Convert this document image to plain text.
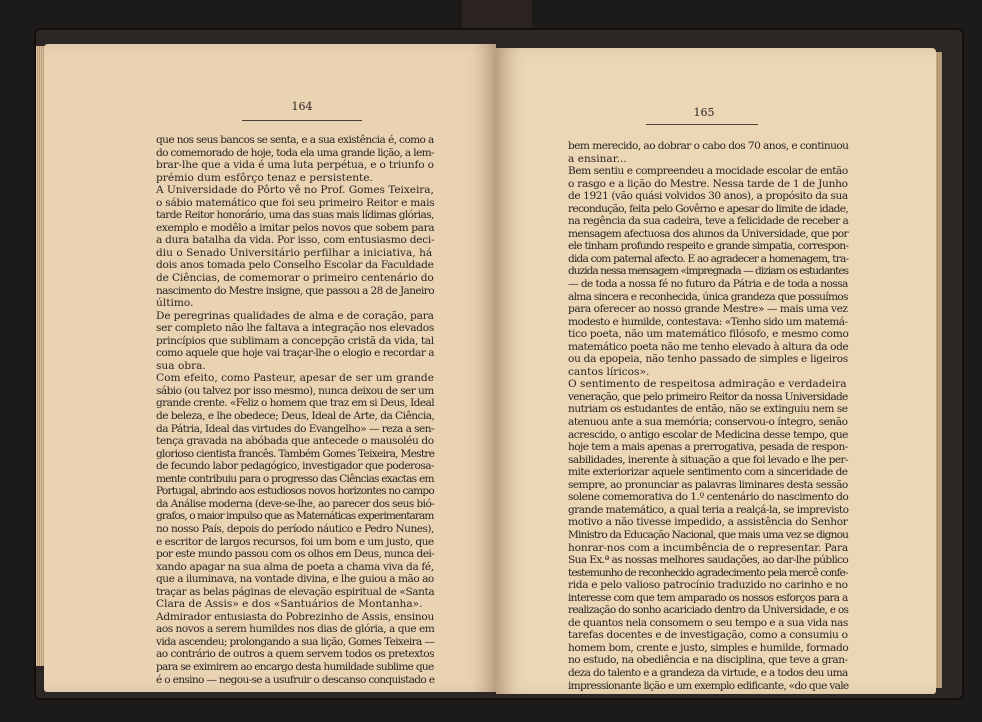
164
que nos seus bancos se senta, e a sua existência é, como a
do comemorado de hoje, toda ela uma grande lição, a lem-
brar-lhe que a vida é uma luta perpétua, e o triunfo o
prémio dum esfôrço tenaz e persistente.
A Universidade do Pôrto vê no Prof. Gomes Teixeira,
o sábio matemático que foi seu primeiro Reitor e mais
tarde Reitor honorário, uma das suas mais lídimas glórias,
exemplo e modêlo a imitar pelos novos que sobem para
a dura batalha da vida. Por isso, com entusiasmo deci-
diu o Senado Universitário perfilhar a iniciativa, há
dois anos tomada pelo Conselho Escolar da Faculdade
de Ciências, de comemorar o primeiro centenário do
nascimento do Mestre insigne, que passou a 28 de Janeiro
último.
De peregrinas qualidades de alma e de coração, para
ser completo não lhe faltava a integração nos elevados
princípios que sublimam a concepção cristã da vida, tal
como aquele que hoje vai traçar-lhe o elogio e recordar a
sua obra.
Com efeito, como Pasteur, apesar de ser um grande
sábio (ou talvez por isso mesmo), nunca deixou de ser um
grande crente. «Feliz o homem que traz em si Deus, Ideal
de beleza, e lhe obedece; Deus, Ideal de Arte, da Ciência,
da Pátria, Ideal das virtudes do Evangelho» — reza a sen-
tença gravada na abóbada que antecede o mausoléu do
glorioso cientista francês. Também Gomes Teixeira, Mestre
de fecundo labor pedagógico, investigador que poderosa-
mente contribuiu para o progresso das Ciências exactas em
Portugal, abrindo aos estudiosos novos horizontes no campo
da Análise moderna (deve-se-lhe, ao parecer dos seus bió-
grafos, o maior impulso que as Matemáticas experimentaram
no nosso País, depois do período náutico e Pedro Nunes),
e escritor de largos recursos, foi um bom e um justo, que
por este mundo passou com os olhos em Deus, nunca dei-
xando apagar na sua alma de poeta a chama viva da fé,
que a iluminava, na vontade divina, e lhe guiou a mão ao
traçar as belas páginas de elevação espiritual de «Santa
Clara de Assis» e dos «Santuários de Montanha».
Admirador entusiasta do Pobrezinho de Assis, ensinou
aos novos a serem humildes nos dias de glória, a que em
vida ascendeu; prolongando a sua lição, Gomes Teixeira —
ao contrário de outros a quem servem todos os pretextos
para se eximirem ao encargo desta humildade sublime que
é o ensino — negou-se a usufruir o descanso conquistado e
165
bem merecido, ao dobrar o cabo dos 70 anos, e continuou
a ensinar...
Bem sentiu e compreendeu a mocidade escolar de então
o rasgo e a lição do Mestre. Nessa tarde de 1 de Junho
de 1921 (vão quási volvidos 30 anos), a propósito da sua
recondução, feita pelo Govêrno e apesar do limite de idade,
na regência da sua cadeira, teve a felicidade de receber a
mensagem afectuosa dos alunos da Universidade, que por
ele tinham profundo respeito e grande simpatia, correspon-
dida com paternal afecto. E ao agradecer a homenagem, tra-
duzida nessa mensagem «impregnada — diziam os estudantes
— de toda a nossa fé no futuro da Pátria e de toda a nossa
alma sincera e reconhecida, única grandeza que possuímos
para oferecer ao nosso grande Mestre» — mais uma vez
modesto e humilde, contestava: «Tenho sido um matemá-
tico poeta, não um matemático filósofo, e mesmo como
matemático poeta não me tenho elevado à altura da ode
ou da epopeia, não tenho passado de simples e ligeiros
cantos líricos».
O sentimento de respeitosa admiração e verdadeira
veneração, que pelo primeiro Reitor da nossa Universidade
nutriam os estudantes de então, não se extinguiu nem se
atenuou ante a sua memória; conservou-o íntegro, senão
acrescido, o antigo escolar de Medicina desse tempo, que
hoje tem a mais apenas a prerrogativa, pesada de respon-
sabilidades, inerente à situação a que foi levado e lhe per-
mite exteriorizar aquele sentimento com a sinceridade de
sempre, ao pronunciar as palavras liminares desta sessão
solene comemorativa do 1.º centenário do nascimento do
grande matemático, a qual teria a realçá-la, se imprevisto
motivo a não tivesse impedido, a assistência do Senhor
Ministro da Educação Nacional, que mais uma vez se dignou
honrar-nos com a incumbência de o representar. Para
Sua Ex.ª as nossas melhores saudações, ao dar-lhe público
testemunho de reconhecido agradecimento pela mercê confe-
rida e pelo valioso patrocínio traduzido no carinho e no
interesse com que tem amparado os nossos esforços para a
realização do sonho acariciado dentro da Universidade, e os
de quantos nela consomem o seu tempo e a sua vida nas
tarefas docentes e de investigação, como a consumiu o
homem bom, crente e justo, simples e humilde, formado
no estudo, na obediência e na disciplina, que teve a gran-
deza do talento e a grandeza da virtude, e a todos deu uma
impressionante lição e um exemplo edificante, «do que vale
